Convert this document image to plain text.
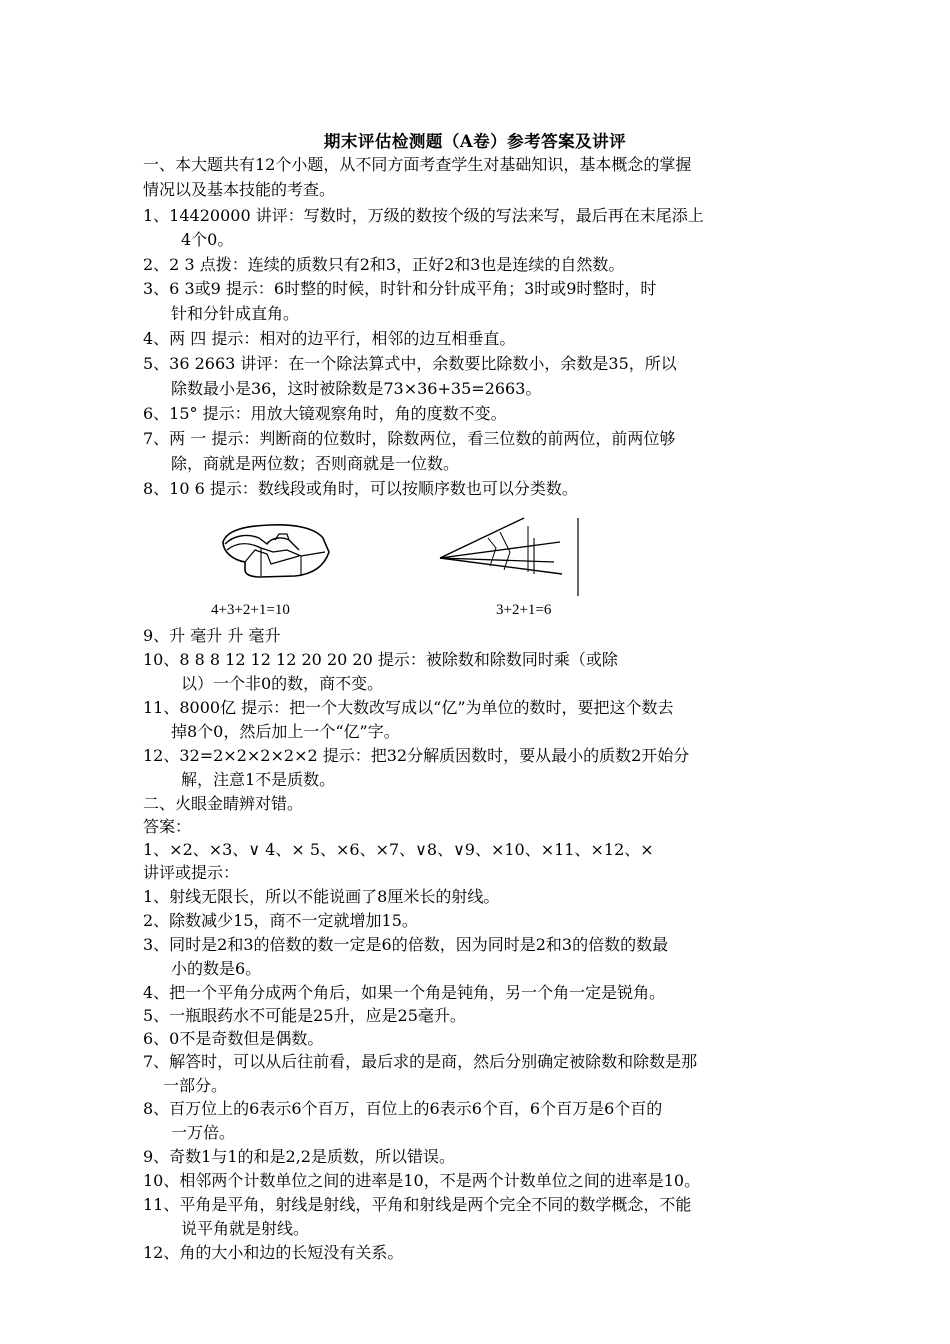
期末评估检测题（A卷）参考答案及讲评
一、本大题共有12个小题，从不同方面考查学生对基础知识，基本概念的掌握
情况以及基本技能的考查。
1、14420000 讲评：写数时，万级的数按个级的写法来写，最后再在末尾添上
4个0。
2、2 3 点拨：连续的质数只有2和3，正好2和3也是连续的自然数。
3、6 3或9 提示：6时整的时候，时针和分针成平角；3时或9时整时，时
针和分针成直角。
4、两 四 提示：相对的边平行，相邻的边互相垂直。
5、36 2663 讲评：在一个除法算式中，余数要比除数小，余数是35，所以
除数最小是36，这时被除数是73×36+35=2663。
6、15° 提示：用放大镜观察角时，角的度数不变。
7、两 一 提示：判断商的位数时，除数两位，看三位数的前两位，前两位够
除，商就是两位数；否则商就是一位数。
8、10 6 提示：数线段或角时，可以按顺序数也可以分类数。
4+3+2+1=10	3+2+1=6
9、升 毫升 升 毫升
10、8 8 8 12 12 12 20 20 20 提示：被除数和除数同时乘（或除
以）一个非0的数，商不变。
11、8000亿 提示：把一个大数改写成以“亿”为单位的数时，要把这个数去
掉8个0，然后加上一个“亿”字。
12、32=2×2×2×2×2 提示：把32分解质因数时，要从最小的质数2开始分
解，注意1不是质数。
二、火眼金睛辨对错。
答案：
1、×2、×3、∨ 4、× 5、×6、×7、∨8、∨9、×10、×11、×12、×
讲评或提示：
1、射线无限长，所以不能说画了8厘米长的射线。
2、除数减少15，商不一定就增加15。
3、同时是2和3的倍数的数一定是6的倍数，因为同时是2和3的倍数的数最
小的数是6。
4、把一个平角分成两个角后，如果一个角是钝角，另一个角一定是锐角。
5、一瓶眼药水不可能是25升，应是25毫升。
6、0不是奇数但是偶数。
7、解答时，可以从后往前看，最后求的是商，然后分别确定被除数和除数是那
一部分。
8、百万位上的6表示6个百万，百位上的6表示6个百，6个百万是6个百的
一万倍。
9、奇数1与1的和是2,2是质数，所以错误。
10、相邻两个计数单位之间的进率是10，不是两个计数单位之间的进率是10。
11、平角是平角，射线是射线，平角和射线是两个完全不同的数学概念，不能
说平角就是射线。
12、角的大小和边的长短没有关系。
